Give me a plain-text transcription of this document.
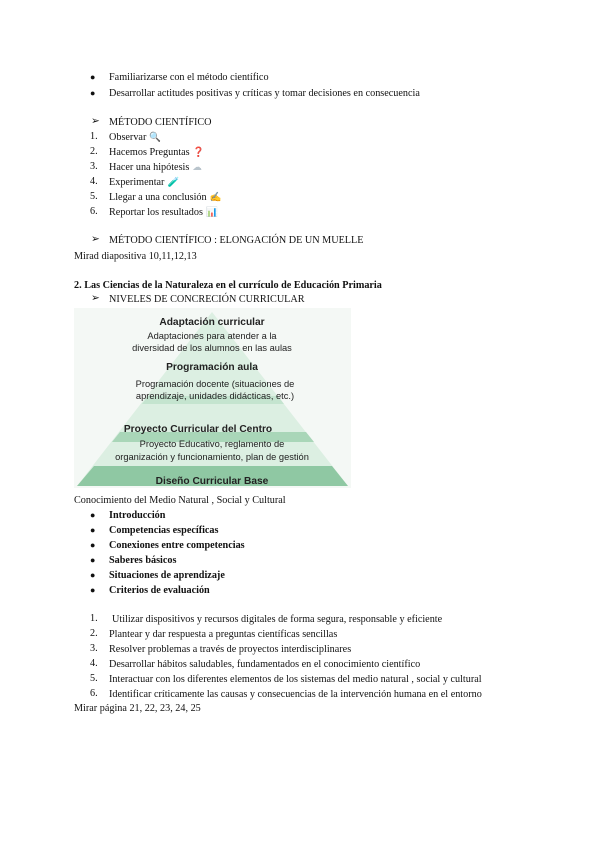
● Familiarizarse con el método científico
● Desarrollar actitudes positivas y críticas y tomar decisiones en consecuencia
➢ MÉTODO CIENTÍFICO
1. Observar 🔍
2. Hacemos Preguntas ❓
3. Hacer una hipótesis ☁
4. Experimentar 🧪
5. Llegar a una conclusión ✍
6. Reportar los resultados 📊
➢ MÉTODO CIENTÍFICO : ELONGACIÓN DE UN MUELLE
Mirad diapositiva 10,11,12,13
2. Las Ciencias de la Naturaleza en el currículo de Educación Primaria
➢ NIVELES DE CONCRECIÓN CURRICULAR
Adaptación curricular
Adaptaciones para atender a la
diversidad de los alumnos en las aulas
Programación aula
Programación docente (situaciones de
aprendizaje, unidades didácticas, etc.)
Proyecto Curricular del Centro
Proyecto Educativo, reglamento de
organización y funcionamiento, plan de gestión
Diseño Curricular Base
Conocimiento del Medio Natural , Social y Cultural
● Introducción
● Competencias específicas
● Conexiones entre competencias
● Saberes básicos
● Situaciones de aprendizaje
● Criterios de evaluación
1. Utilizar dispositivos y recursos digitales de forma segura, responsable y eficiente
2. Plantear y dar respuesta a preguntas científicas sencillas
3. Resolver problemas a través de proyectos interdisciplinares
4. Desarrollar hábitos saludables, fundamentados en el conocimiento científico
5. Interactuar con los diferentes elementos de los sistemas del medio natural , social y cultural
6. Identificar críticamente las causas y consecuencias de la intervención humana en el entorno
Mirar página 21, 22, 23, 24, 25
